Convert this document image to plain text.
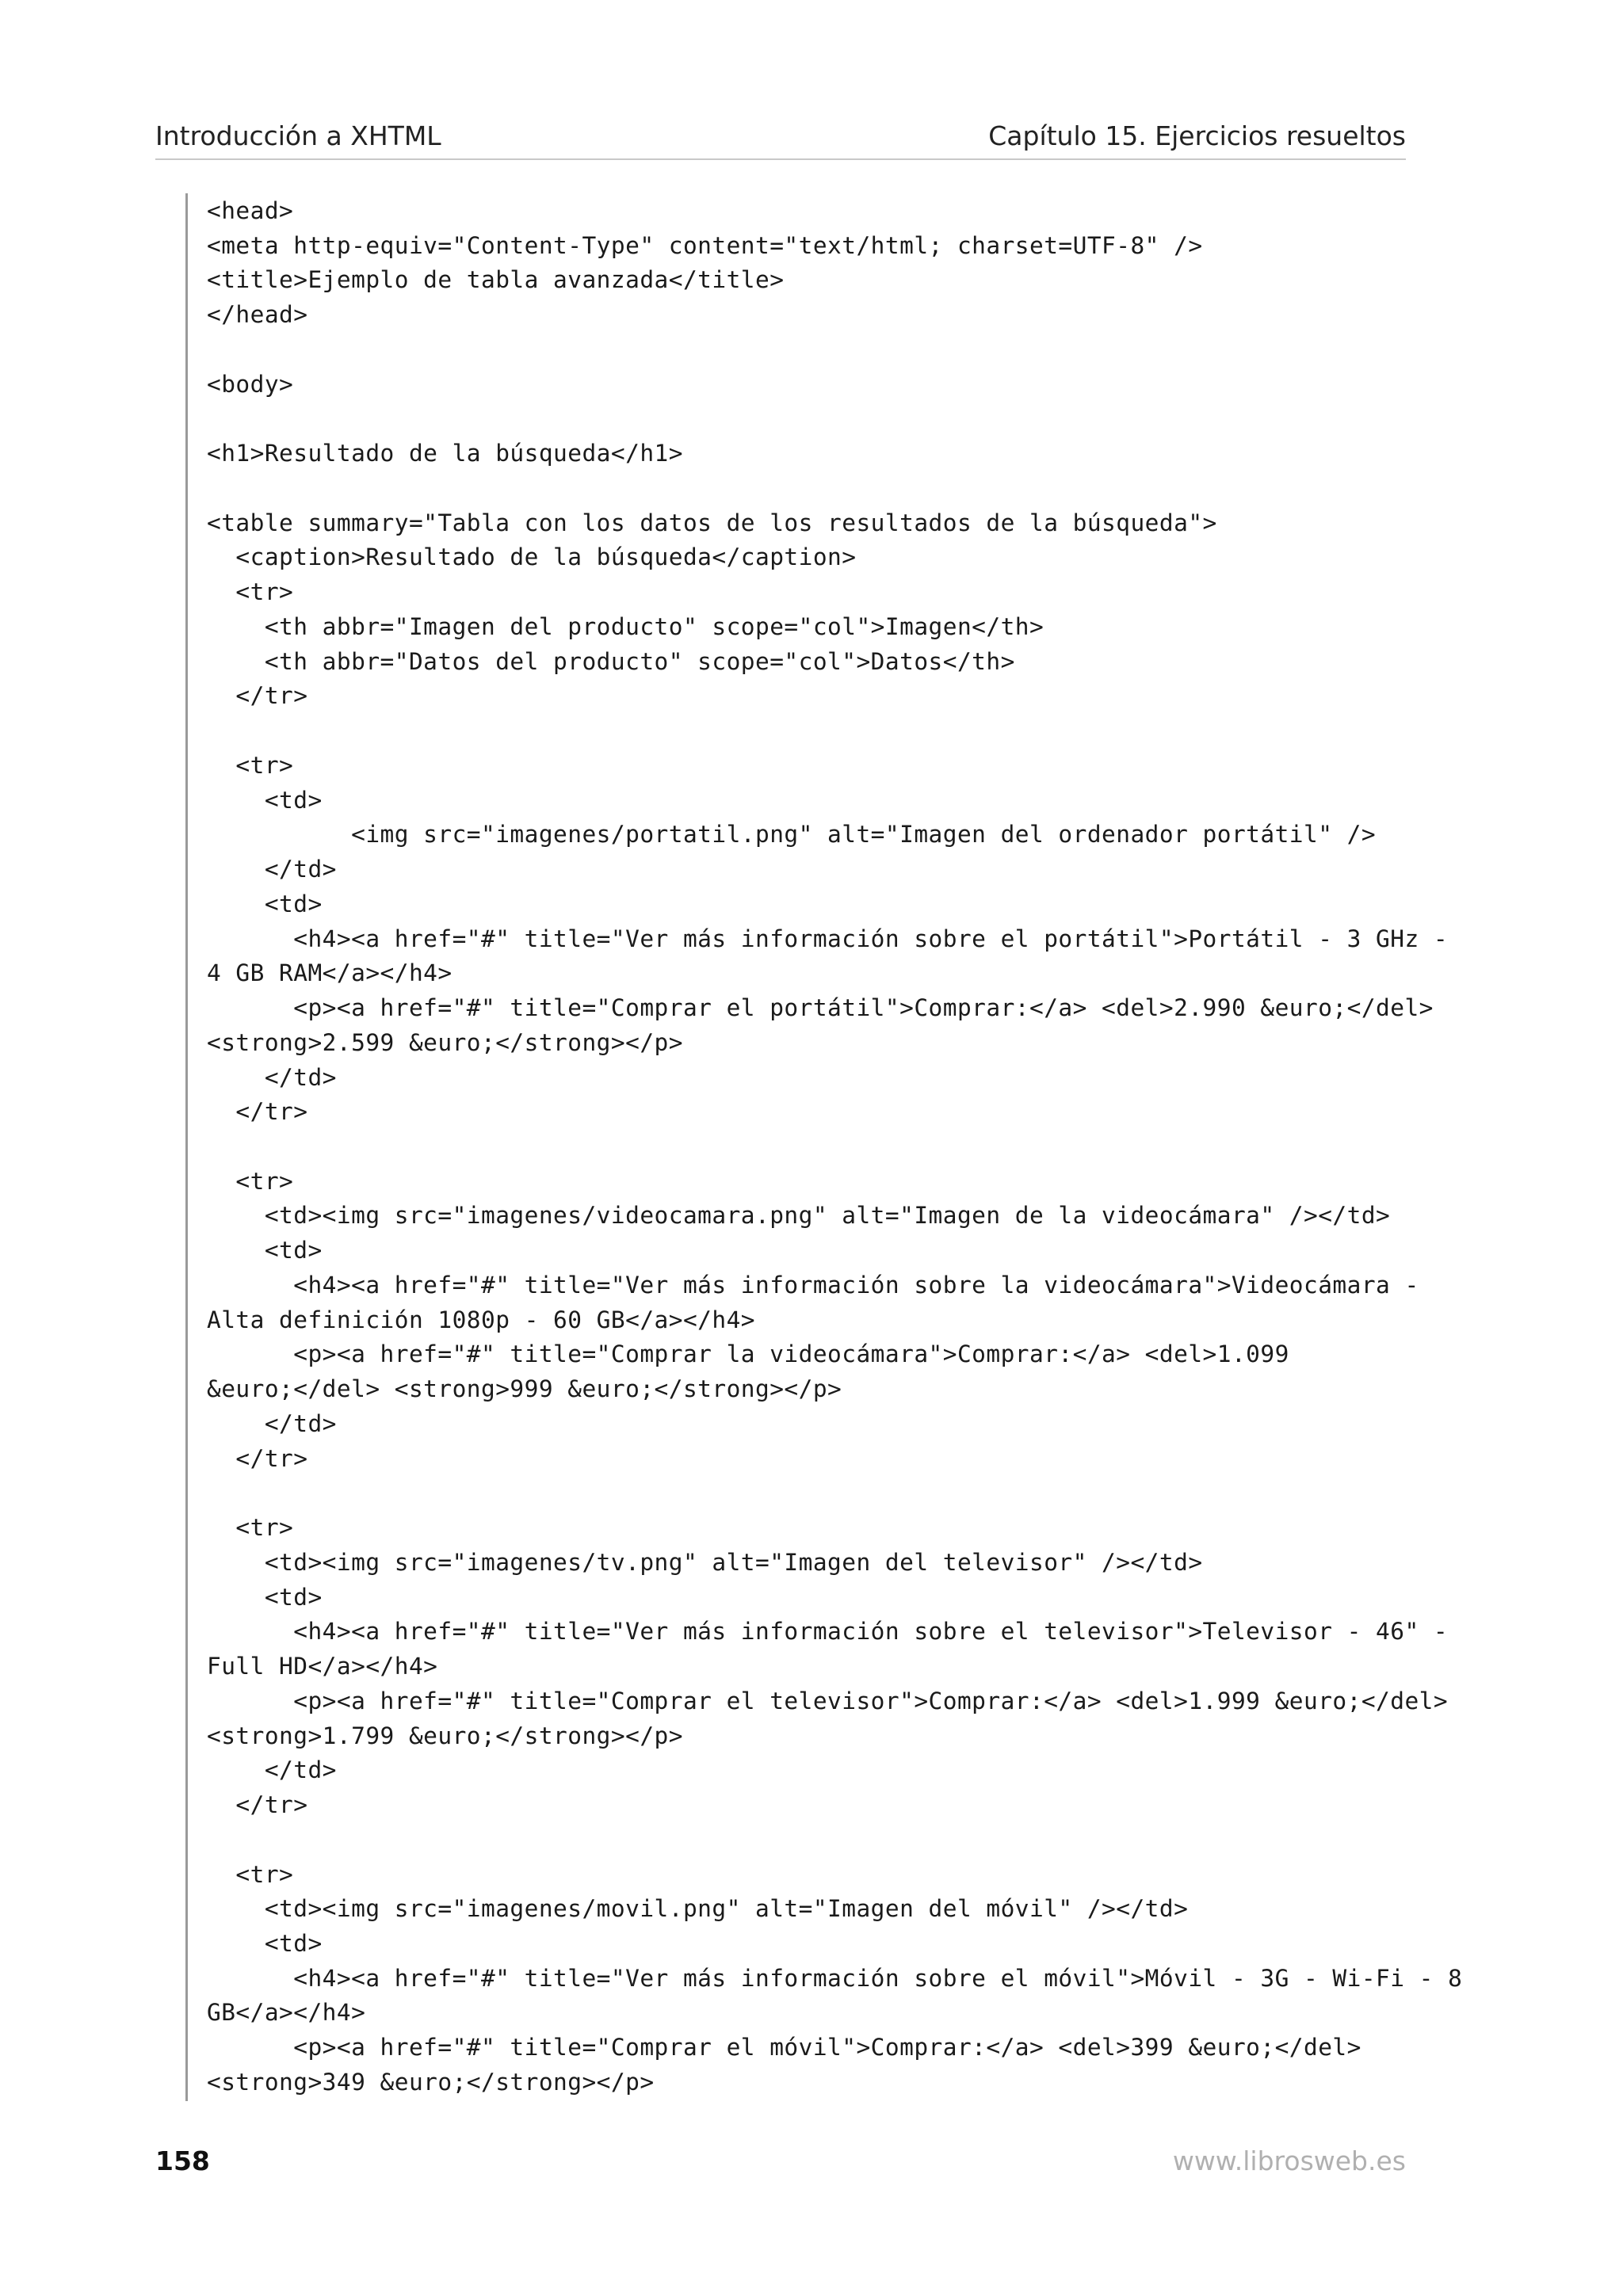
Introducción a XHTML	Capítulo 15. Ejercicios resueltos
<head>
<meta http-equiv="Content-Type" content="text/html; charset=UTF-8" />
<title>Ejemplo de tabla avanzada</title>
</head>
<body>
<h1>Resultado de la búsqueda</h1>
<table summary="Tabla con los datos de los resultados de la búsqueda">
<caption>Resultado de la búsqueda</caption>
<tr>
<th abbr="Imagen del producto" scope="col">Imagen</th>
<th abbr="Datos del producto" scope="col">Datos</th>
</tr>
<tr>
<td>
<img src="imagenes/portatil.png" alt="Imagen del ordenador portátil" />
</td>
<td>
<h4><a href="#" title="Ver más información sobre el portátil">Portátil - 3 GHz -
4 GB RAM</a></h4>
<p><a href="#" title="Comprar el portátil">Comprar:</a> <del>2.990 &euro;</del>
<strong>2.599 &euro;</strong></p>
</td>
</tr>
<tr>
<td><img src="imagenes/videocamara.png" alt="Imagen de la videocámara" /></td>
<td>
<h4><a href="#" title="Ver más información sobre la videocámara">Videocámara -
Alta definición 1080p - 60 GB</a></h4>
<p><a href="#" title="Comprar la videocámara">Comprar:</a> <del>1.099
&euro;</del> <strong>999 &euro;</strong></p>
</td>
</tr>
<tr>
<td><img src="imagenes/tv.png" alt="Imagen del televisor" /></td>
<td>
<h4><a href="#" title="Ver más información sobre el televisor">Televisor - 46" -
Full HD</a></h4>
<p><a href="#" title="Comprar el televisor">Comprar:</a> <del>1.999 &euro;</del>
<strong>1.799 &euro;</strong></p>
</td>
</tr>
<tr>
<td><img src="imagenes/movil.png" alt="Imagen del móvil" /></td>
<td>
<h4><a href="#" title="Ver más información sobre el móvil">Móvil - 3G - Wi-Fi - 8
GB</a></h4>
<p><a href="#" title="Comprar el móvil">Comprar:</a> <del>399 &euro;</del>
<strong>349 &euro;</strong></p>
158	www.librosweb.es
